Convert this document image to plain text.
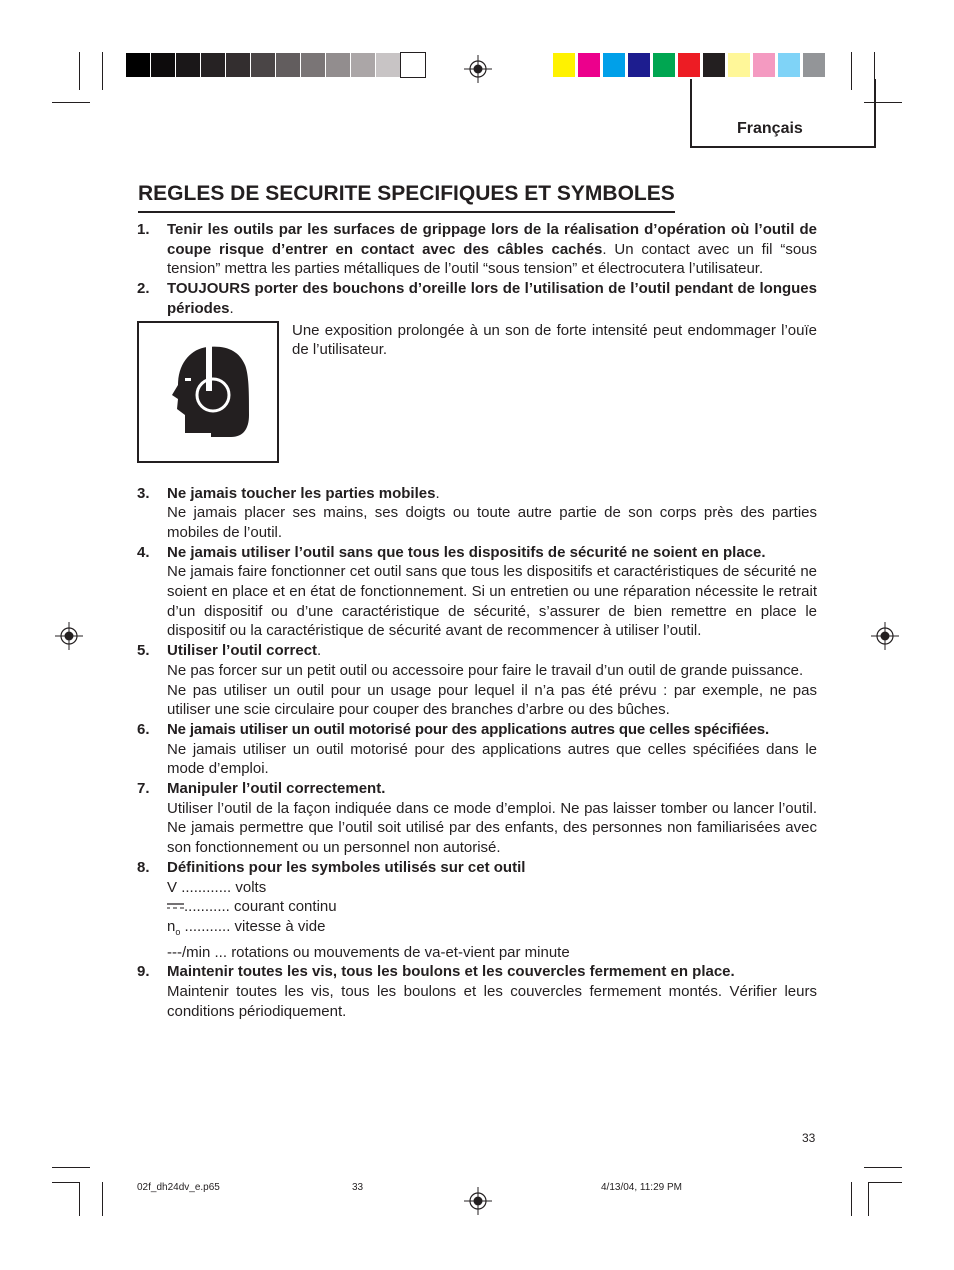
Français
REGLES DE SECURITE SPECIFIQUES ET SYMBOLES
1. Tenir les outils par les surfaces de grippage lors de la réalisation d’opération où l’outil de coupe risque d’entrer en contact avec des câbles cachés. Un contact avec un fil “sous tension” mettra les parties métalliques de l’outil “sous tension” et électrocutera l’utilisateur.
2. TOUJOURS porter des bouchons d’oreille lors de l’utilisation de l’outil pendant de longues périodes.
Une exposition prolongée à un son de forte intensité peut endommager l’ouïe de l’utilisateur.
3. Ne jamais toucher les parties mobiles.
Ne jamais placer ses mains, ses doigts ou toute autre partie de son corps près des parties mobiles de l’outil.
4. Ne jamais utiliser l’outil sans que tous les dispositifs de sécurité ne soient en place.
Ne jamais faire fonctionner cet outil sans que tous les dispositifs et caractéristiques de sécurité ne soient en place et en état de fonctionnement. Si un entretien ou une réparation nécessite le retrait d’un dispositif ou d’une caractéristique de sécurité, s’assurer de bien remettre en place le dispositif ou la caractéristique de sécurité avant de recommencer à utiliser l’outil.
5. Utiliser l’outil correct.
Ne pas forcer sur un petit outil ou accessoire pour faire le travail d’un outil de grande puissance.
Ne pas utiliser un outil pour un usage pour lequel il n’a pas été prévu : par exemple, ne pas utiliser une scie circulaire pour couper des branches d’arbre ou des bûches.
6. Ne jamais utiliser un outil motorisé pour des applications autres que celles spécifiées.
Ne jamais utiliser un outil motorisé pour des applications autres que celles spécifiées dans le mode d’emploi.
7. Manipuler l’outil correctement.
Utiliser l’outil de la façon indiquée dans ce mode d’emploi. Ne pas laisser tomber ou lancer l’outil. Ne jamais permettre que l’outil soit utilisé par des enfants, des personnes non familiarisées avec son fonctionnement ou un personnel non autorisé.
8. Définitions pour les symboles utilisés sur cet outil
V ............ volts
........... courant continu
$n_o$ ........... vitesse à vide
---/min ... rotations ou mouvements de va-et-vient par minute
9. Maintenir toutes les vis, tous les boulons et les couvercles fermement en place.
Maintenir toutes les vis, tous les boulons et les couvercles fermement montés. Vérifier leurs conditions périodiquement.
33
02f_dh24dv_e.p65	33	4/13/04, 11:29 PM
